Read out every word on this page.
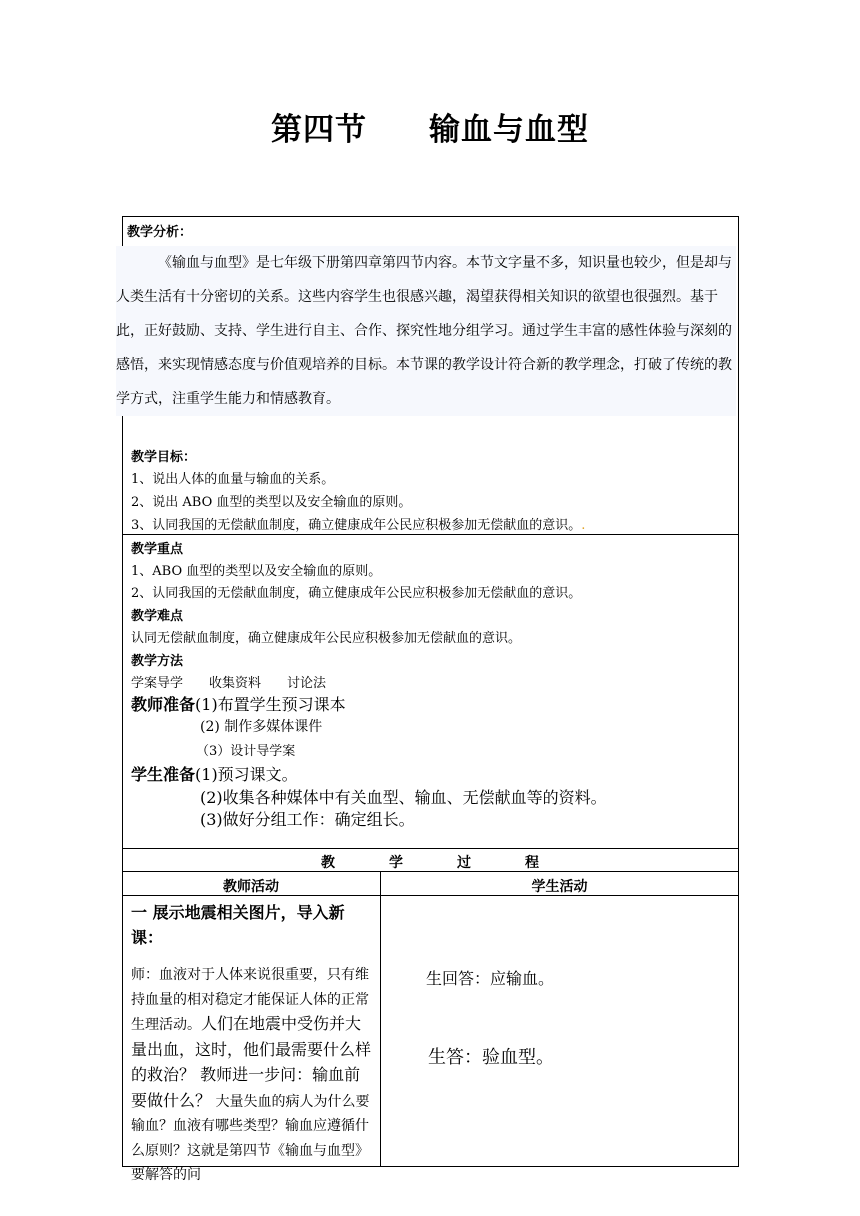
第四节 输血与血型
教学分析：
《输血与血型》是七年级下册第四章第四节内容。本节文字量不多，知识量也较少，但是却与人类生活有十分密切的关系。这些内容学生也很感兴趣，渴望获得相关知识的欲望也很强烈。基于此，正好鼓励、支持、学生进行自主、合作、探究性地分组学习。通过学生丰富的感性体验与深刻的感悟，来实现情感态度与价值观培养的目标。本节课的教学设计符合新的教学理念，打破了传统的教学方式，注重学生能力和情感教育。
教学目标：
1、说出人体的血量与输血的关系。
2、说出 ABO 血型的类型以及安全输血的原则。
3、认同我国的无偿献血制度，确立健康成年公民应积极参加无偿献血的意识。.
教学重点
1、ABO 血型的类型以及安全输血的原则。
2、认同我国的无偿献血制度，确立健康成年公民应积极参加无偿献血的意识。
教学难点
认同无偿献血制度，确立健康成年公民应积极参加无偿献血的意识。
教学方法
学案导学　　收集资料　　讨论法
教师准备(1)布置学生预习课本
(2) 制作多媒体课件
（3）设计导学案
学生准备(1)预习课文。
(2)收集各种媒体中有关血型、输血、无偿献血等的资料。
(3)做好分组工作：确定组长。
教	学	过	程
教师活动	学生活动
一 展示地震相关图片，导入新课：
师：血液对于人体来说很重要，只有维持血量的相对稳定才能保证人体的正常生理活动。人们在地震中受伤并大量出血，这时，他们最需要什么样的救治？ 教师进一步问：输血前要做什么？ 大量失血的病人为什么要输血？血液有哪些类型？输血应遵循什么原则？这就是第四节《输血与血型》要解答的问
生回答：应输血。
生答：验血型。
